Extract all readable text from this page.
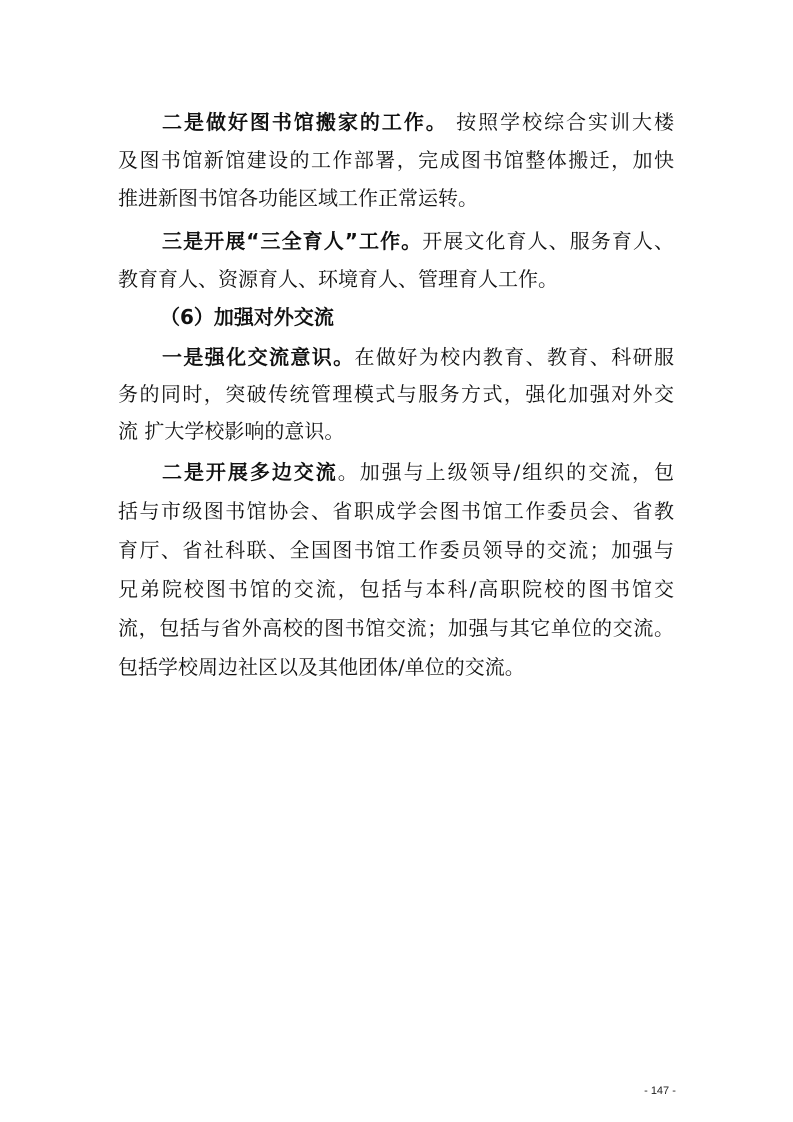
二是做好图书馆搬家的工作。 按照学校综合实训大楼
及图书馆新馆建设的工作部署，完成图书馆整体搬迁，加快
推进新图书馆各功能区域工作正常运转。
三是开展“三全育人”工作。开展文化育人、服务育人、
教育育人、资源育人、环境育人、管理育人工作。
（6）加强对外交流
一是强化交流意识。在做好为校内教育、教育、科研服
务的同时，突破传统管理模式与服务方式，强化加强对外交
流 扩大学校影响的意识。
二是开展多边交流。加强与上级领导/组织的交流，包
括与市级图书馆协会、省职成学会图书馆工作委员会、省教
育厅、省社科联、全国图书馆工作委员领导的交流；加强与
兄弟院校图书馆的交流，包括与本科/高职院校的图书馆交
流，包括与省外高校的图书馆交流；加强与其它单位的交流。
包括学校周边社区以及其他团体/单位的交流。
- 147 -
